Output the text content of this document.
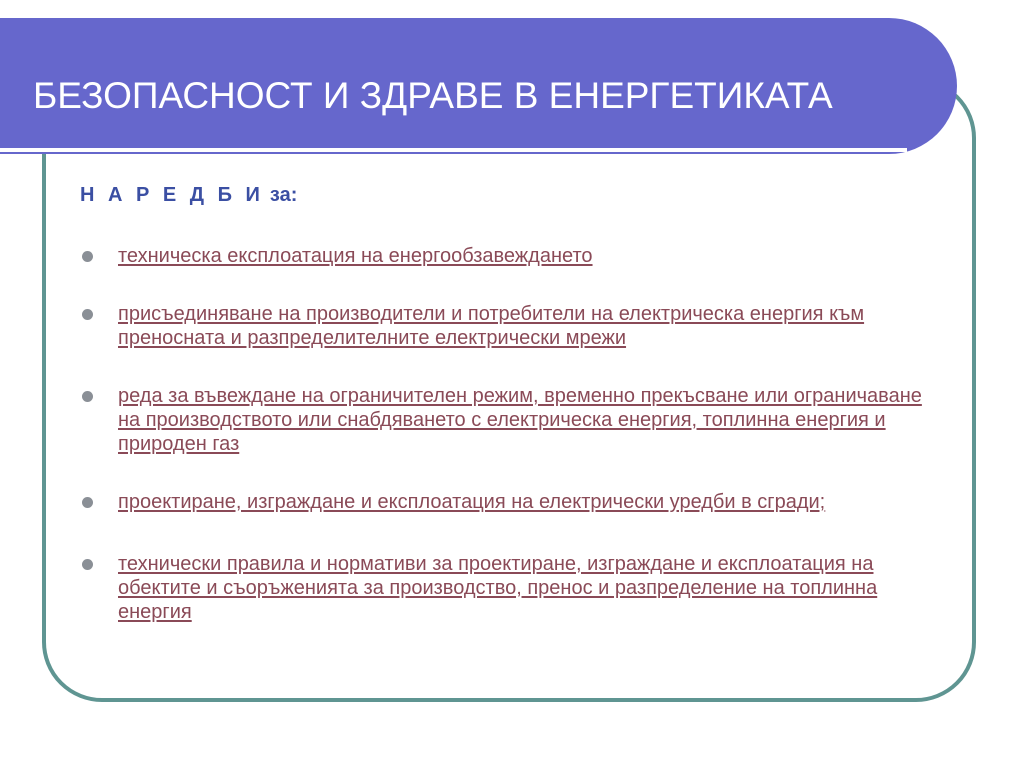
БЕЗОПАСНОСТ И ЗДРАВЕ В ЕНЕРГЕТИКАТА
Н А Р Е Д Б И за:
техническа експлоатация на енергообзавеждането
присъединяване на производители и потребители на електрическа енергия към преносната и разпределителните електрически мрежи
реда за въвеждане на ограничителен режим, временно прекъсване или ограничаване на производството или снабдяването с електрическа енергия, топлинна енергия и природен газ
проектиране, изграждане и експлоатация на електрически уредби в сгради;
технически правила и нормативи за проектиране, изграждане и експлоатация на обектите и съоръженията за производство, пренос и разпределение на топлинна енергия
